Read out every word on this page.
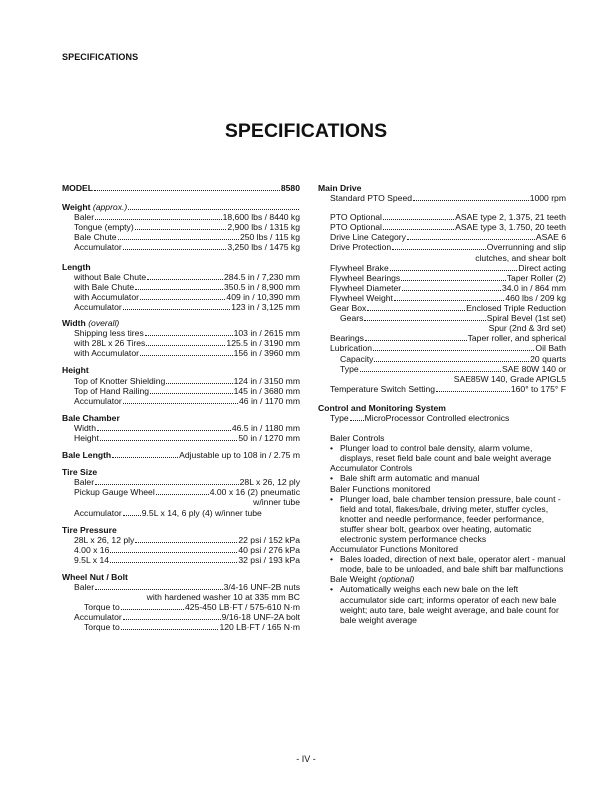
SPECIFICATIONS
SPECIFICATIONS
MODEL	8580
Weight (approx.)
Baler	18,600 lbs / 8440 kg
Tongue (empty)	2,900 lbs / 1315 kg
Bale Chute	250 lbs / 115 kg
Accumulator	3,250 lbs / 1475 kg
Length
without Bale Chute	284.5 in / 7,230 mm
with Bale Chute	350.5 in / 8,900 mm
with Accumulator	409 in / 10,390 mm
Accumulator	123 in / 3,125 mm
Width (overall)
Shipping less tires	103 in / 2615 mm
with 28L x 26 Tires	125.5 in / 3190 mm
with Accumulator	156 in / 3960 mm
Height
Top of Knotter Shielding	124 in / 3150 mm
Top of Hand Railing	145 in / 3680 mm
Accumulator	46 in / 1170 mm
Bale Chamber
Width	46.5 in / 1180 mm
Height	50 in / 1270 mm
Bale Length	Adjustable up to 108 in / 2.75 m
Tire Size
Baler	28L x 26, 12 ply
Pickup Gauge Wheel	4.00 x 16 (2) pneumatic
w/inner tube
Accumulator 9.5L x 14, 6 ply (4) w/inner tube
Tire Pressure
28L x 26, 12 ply	22 psi / 152 kPa
4.00 x 16	40 psi / 276 kPa
9.5L x 14	32 psi / 193 kPa
Wheel Nut / Bolt
Baler	3/4-16 UNF-2B nuts
with hardened washer 10 at 335 mm BC
Torque to	425-450 LB·FT / 575-610 N·m
Accumulator	9/16-18 UNF-2A bolt
Torque to	120 LB·FT / 165 N·m
Main Drive
Standard PTO Speed	1000 rpm
PTO Optional	ASAE type 2, 1.375, 21 teeth
PTO Optional	ASAE type 3, 1.750, 20 teeth
Drive Line Category	ASAE 6
Drive Protection	Overrunning and slip
clutches, and shear bolt
Flywheel Brake	Direct acting
Flywheel Bearings	Taper Roller (2)
Flywheel Diameter	34.0 in / 864 mm
Flywheel Weight	460 lbs / 209 kg
Gear Box	Enclosed Triple Reduction
Gears	Spiral Bevel (1st set)
Spur (2nd & 3rd set)
Bearings	Taper roller, and spherical
Lubrication	Oil Bath
Capacity	20 quarts
Type	SAE 80W 140 or
SAE85W 140, Grade APIGL5
Temperature Switch Setting	160° to 175° F
Control and Monitoring System
Type MicroProcessor Controlled electronics
Baler Controls
• Plunger load to control bale density, alarm volume, displays, reset field bale count and bale weight average
Accumulator Controls
• Bale shift arm automatic and manual
Baler Functions monitored
• Plunger load, bale chamber tension pressure, bale count - field and total, flakes/bale, driving meter, stuffer cycles, knotter and needle performance, feeder performance, stuffer shear bolt, gearbox over heating, automatic electronic system performance checks
Accumulator Functions Monitored
• Bales loaded, direction of next bale, operator alert - manual mode, bale to be unloaded, and bale shift bar malfunctions
Bale Weight (optional)
• Automatically weighs each new bale on the left accumulator side cart; informs operator of each new bale weight; auto tare, bale weight average, and bale count for bale weight average
- IV -
